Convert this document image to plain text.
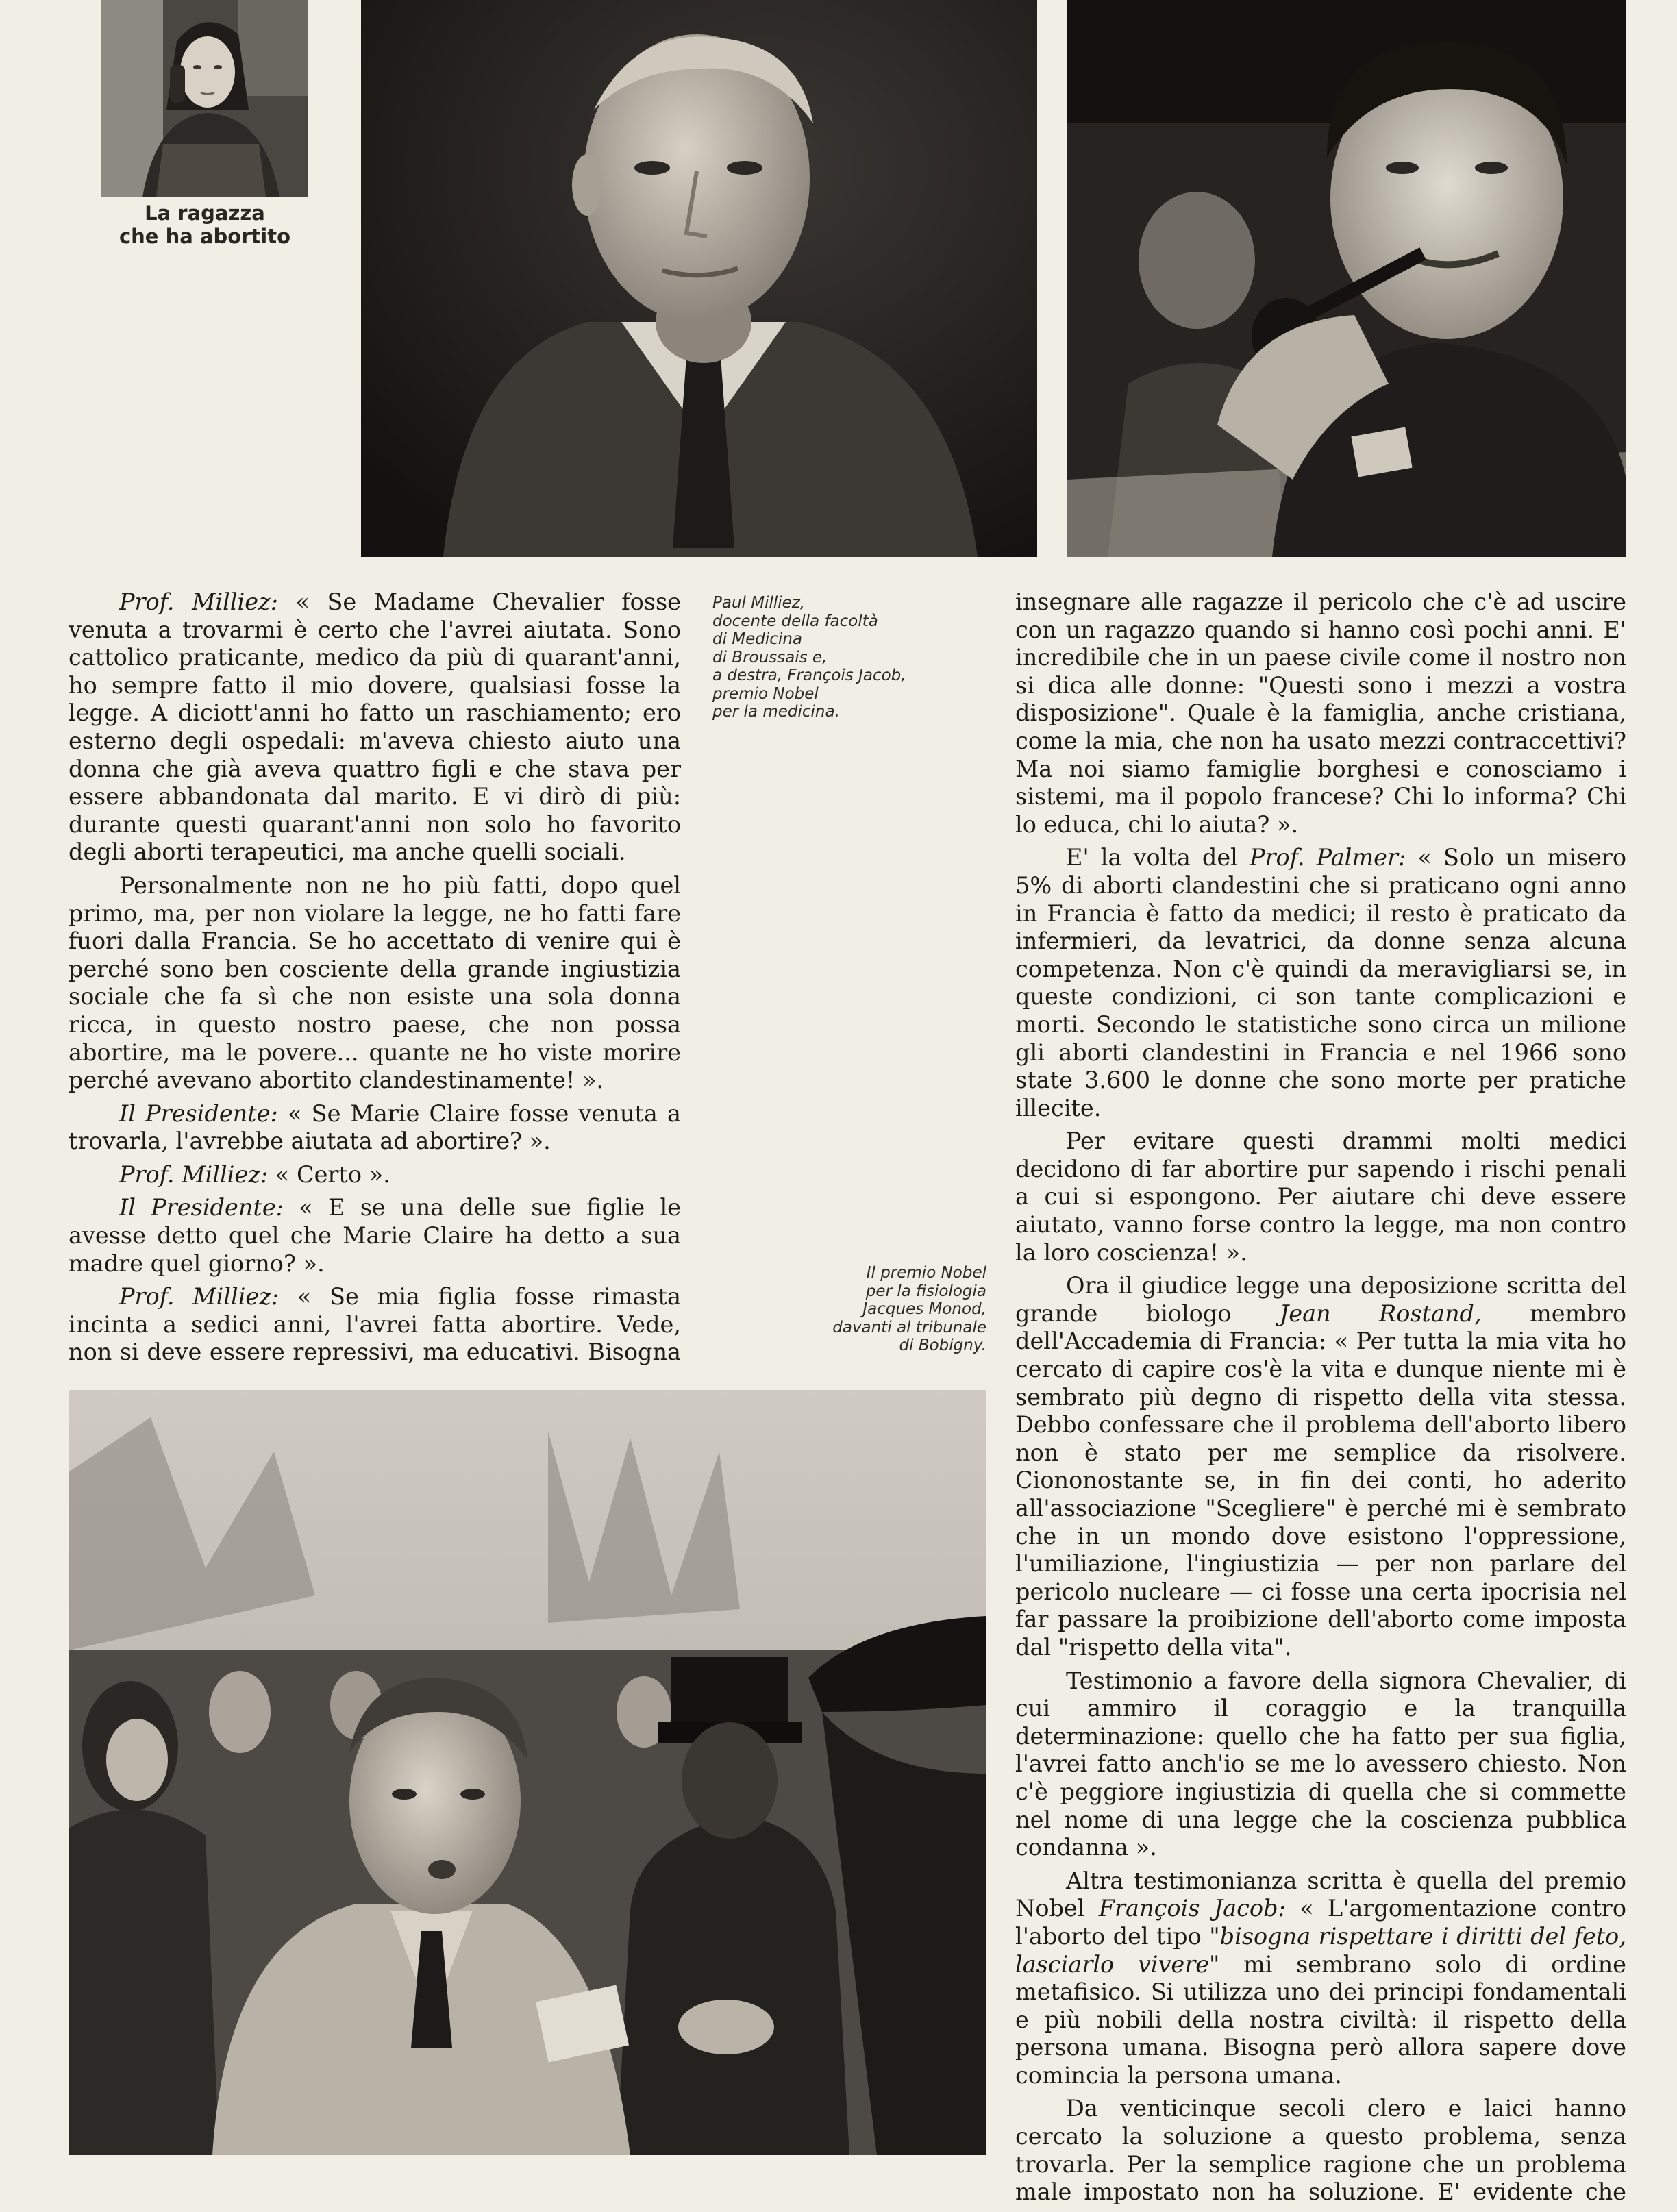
La ragazza
che ha abortito
Paul Milliez,
docente della facoltà
di Medicina
di Broussais e,
a destra, François Jacob,
premio Nobel
per la medicina.
Il premio Nobel
per la fisiologia
Jacques Monod,
davanti al tribunale
di Bobigny.

Prof. Milliez: « Se Madame Chevalier fosse venuta a trovarmi è certo che l'avrei aiutata. Sono cattolico praticante, medico da più di quarant'anni, ho sempre fatto il mio dovere, qualsiasi fosse la legge. A diciott'anni ho fatto un raschiamento; ero esterno degli ospedali: m'aveva chiesto aiuto una donna che già aveva quattro figli e che stava per essere abbandonata dal marito. E vi dirò di più: durante questi quarant'anni non solo ho favorito degli aborti terapeutici, ma anche quelli sociali.

Personalmente non ne ho più fatti, dopo quel primo, ma, per non violare la legge, ne ho fatti fare fuori dalla Francia. Se ho accettato di venire qui è perché sono ben cosciente della grande ingiustizia sociale che fa sì che non esiste una sola donna ricca, in questo nostro paese, che non possa abortire, ma le povere... quante ne ho viste morire perché avevano abortito clandestinamente! ».

Il Presidente: « Se Marie Claire fosse venuta a trovarla, l'avrebbe aiutata ad abortire? ».

Prof. Milliez: « Certo ».

Il Presidente: « E se una delle sue figlie le avesse detto quel che Marie Claire ha detto a sua madre quel giorno? ».

Prof. Milliez: « Se mia figlia fosse rimasta incinta a sedici anni, l'avrei fatta abortire. Vede, non si deve essere repressivi, ma educativi. Bisogna

insegnare alle ragazze il pericolo che c'è ad uscire con un ragazzo quando si hanno così pochi anni. E' incredibile che in un paese civile come il nostro non si dica alle donne: "Questi sono i mezzi a vostra disposizione". Quale è la famiglia, anche cristiana, come la mia, che non ha usato mezzi contraccettivi? Ma noi siamo famiglie borghesi e conosciamo i sistemi, ma il popolo francese? Chi lo informa? Chi lo educa, chi lo aiuta? ».

E' la volta del Prof. Palmer: « Solo un misero 5% di aborti clandestini che si praticano ogni anno in Francia è fatto da medici; il resto è praticato da infermieri, da levatrici, da donne senza alcuna competenza. Non c'è quindi da meravigliarsi se, in queste condizioni, ci son tante complicazioni e morti. Secondo le statistiche sono circa un milione gli aborti clandestini in Francia e nel 1966 sono state 3.600 le donne che sono morte per pratiche illecite.

Per evitare questi drammi molti medici decidono di far abortire pur sapendo i rischi penali a cui si espongono. Per aiutare chi deve essere aiutato, vanno forse contro la legge, ma non contro la loro coscienza! ».

Ora il giudice legge una deposizione scritta del grande biologo Jean Rostand, membro dell'Accademia di Francia: « Per tutta la mia vita ho cercato di capire cos'è la vita e dunque niente mi è sembrato più degno di rispetto della vita stessa. Debbo confessare che il problema dell'aborto libero non è stato per me semplice da risolvere. Ciononostante se, in fin dei conti, ho aderito all'associazione "Scegliere" è perché mi è sembrato che in un mondo dove esistono l'oppressione, l'umiliazione, l'ingiustizia — per non parlare del pericolo nucleare — ci fosse una certa ipocrisia nel far passare la proibizione dell'aborto come imposta dal "rispetto della vita".

Testimonio a favore della signora Chevalier, di cui ammiro il coraggio e la tranquilla determinazione: quello che ha fatto per sua figlia, l'avrei fatto anch'io se me lo avessero chiesto. Non c'è peggiore ingiustizia di quella che si commette nel nome di una legge che la coscienza pubblica condanna ».

Altra testimonianza scritta è quella del premio Nobel François Jacob: « L'argomentazione contro l'aborto del tipo "bisogna rispettare i diritti del feto, lasciarlo vivere" mi sembrano solo di ordine metafisico. Si utilizza uno dei principi fondamentali e più nobili della nostra civiltà: il rispetto della persona umana. Bisogna però allora sapere dove comincia la persona umana.

Da venticinque secoli clero e laici hanno cercato la soluzione a questo problema, senza trovarla. Per la semplice ragione che un problema male impostato non ha soluzione. E' evidente che
